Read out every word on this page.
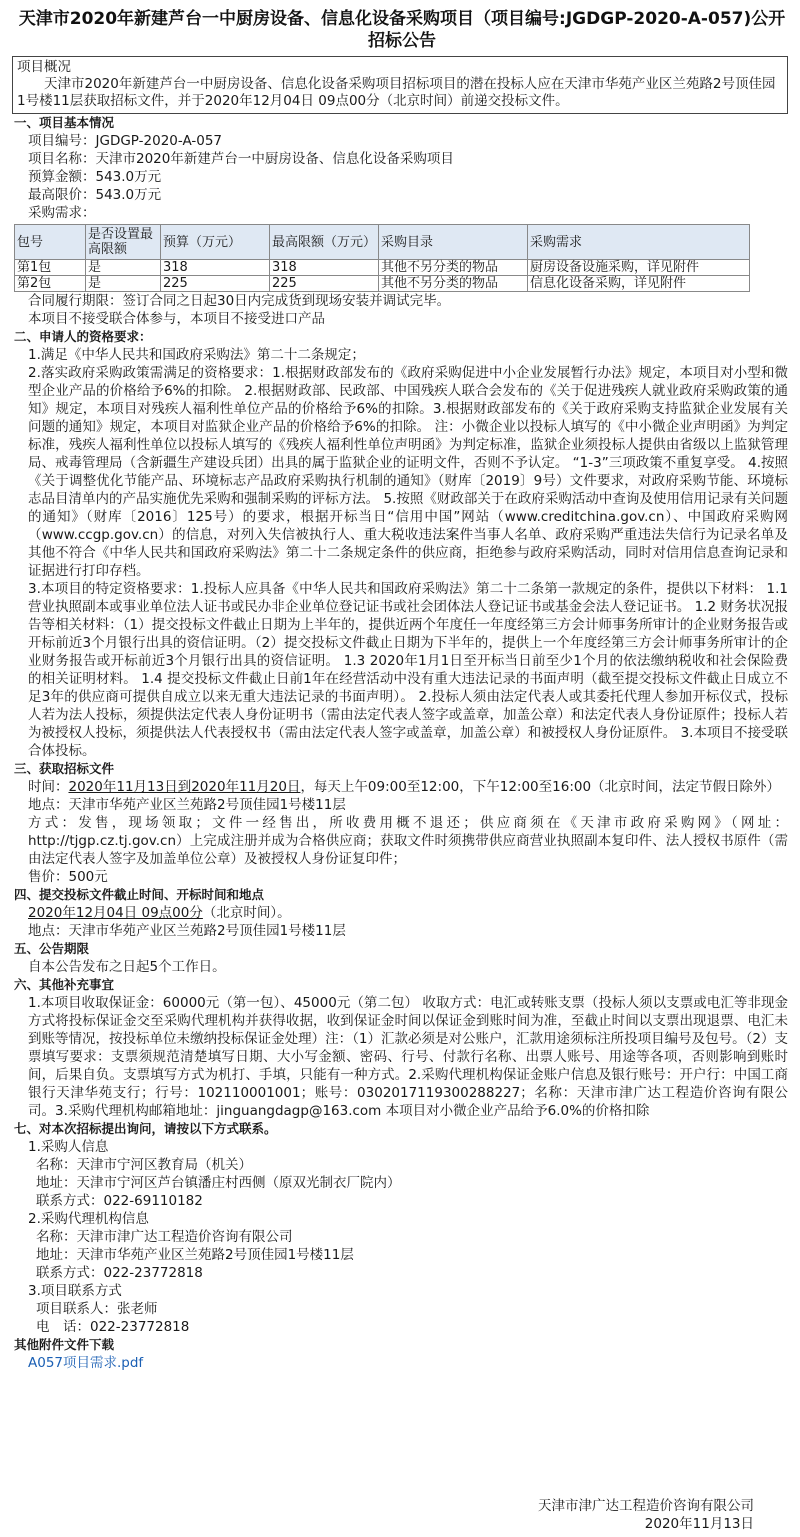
天津市2020年新建芦台一中厨房设备、信息化设备采购项目（项目编号:JGDGP-2020-A-057)公开招标公告
项目概况
天津市2020年新建芦台一中厨房设备、信息化设备采购项目招标项目的潜在投标人应在天津市华苑产业区兰苑路2号顶佳园1号楼11层获取招标文件，并于2020年12月04日 09点00分（北京时间）前递交投标文件。
一、项目基本情况
项目编号：JGDGP-2020-A-057
项目名称：天津市2020年新建芦台一中厨房设备、信息化设备采购项目
预算金额：543.0万元
最高限价：543.0万元
采购需求：
包号	是否设置最高限额	预算（万元）	最高限额（万元）	采购目录	采购需求
第1包	是	318	318	其他不另分类的物品	厨房设备设施采购，详见附件
第2包	是	225	225	其他不另分类的物品	信息化设备采购，详见附件
合同履行期限：签订合同之日起30日内完成货到现场安装并调试完毕。
本项目不接受联合体参与，本项目不接受进口产品
二、申请人的资格要求：
1.满足《中华人民共和国政府采购法》第二十二条规定；
2.落实政府采购政策需满足的资格要求：1.根据财政部发布的《政府采购促进中小企业发展暂行办法》规定，本项目对小型和微型企业产品的价格给予6%的扣除。 2.根据财政部、民政部、中国残疾人联合会发布的《关于促进残疾人就业政府采购政策的通知》规定，本项目对残疾人福利性单位产品的价格给予6%的扣除。3.根据财政部发布的《关于政府采购支持监狱企业发展有关问题的通知》规定，本项目对监狱企业产品的价格给予6%的扣除。 注：小微企业以投标人填写的《中小微企业声明函》为判定标准，残疾人福利性单位以投标人填写的《残疾人福利性单位声明函》为判定标准，监狱企业须投标人提供由省级以上监狱管理局、戒毒管理局（含新疆生产建设兵团）出具的属于监狱企业的证明文件，否则不予认定。 “1-3”三项政策不重复享受。 4.按照《关于调整优化节能产品、环境标志产品政府采购执行机制的通知》（财库〔2019〕9号）文件要求，对政府采购节能、环境标志品目清单内的产品实施优先采购和强制采购的评标方法。 5.按照《财政部关于在政府采购活动中查询及使用信用记录有关问题的通知》（财库〔2016〕125号）的要求，根据开标当日“信用中国”网站（www.creditchina.gov.cn）、中国政府采购网（www.ccgp.gov.cn）的信息，对列入失信被执行人、重大税收违法案件当事人名单、政府采购严重违法失信行为记录名单及其他不符合《中华人民共和国政府采购法》第二十二条规定条件的供应商，拒绝参与政府采购活动，同时对信用信息查询记录和证据进行打印存档。
3.本项目的特定资格要求：1.投标人应具备《中华人民共和国政府采购法》第二十二条第一款规定的条件，提供以下材料： 1.1 营业执照副本或事业单位法人证书或民办非企业单位登记证书或社会团体法人登记证书或基金会法人登记证书。 1.2 财务状况报告等相关材料：（1）提交投标文件截止日期为上半年的，提供近两个年度任一年度经第三方会计师事务所审计的企业财务报告或开标前近3个月银行出具的资信证明。（2）提交投标文件截止日期为下半年的，提供上一个年度经第三方会计师事务所审计的企业财务报告或开标前近3个月银行出具的资信证明。 1.3 2020年1月1日至开标当日前至少1个月的依法缴纳税收和社会保险费的相关证明材料。 1.4 提交投标文件截止日前1年在经营活动中没有重大违法记录的书面声明（截至提交投标文件截止日成立不足3年的供应商可提供自成立以来无重大违法记录的书面声明）。 2.投标人须由法定代表人或其委托代理人参加开标仪式，投标人若为法人投标，须提供法定代表人身份证明书（需由法定代表人签字或盖章，加盖公章）和法定代表人身份证原件；投标人若为被授权人投标，须提供法人代表授权书（需由法定代表人签字或盖章，加盖公章）和被授权人身份证原件。 3.本项目不接受联合体投标。
三、获取招标文件
时间：2020年11月13日到2020年11月20日，每天上午09:00至12:00，下午12:00至16:00（北京时间，法定节假日除外）
地点：天津市华苑产业区兰苑路2号顶佳园1号楼11层
方式：发售，现场领取；文件一经售出，所收费用概不退还；供应商须在《天津市政府采购网》（网址：http://tjgp.cz.tj.gov.cn）上完成注册并成为合格供应商；获取文件时须携带供应商营业执照副本复印件、法人授权书原件（需由法定代表人签字及加盖单位公章）及被授权人身份证复印件；
售价：500元
四、提交投标文件截止时间、开标时间和地点
2020年12月04日 09点00分（北京时间）。
地点：天津市华苑产业区兰苑路2号顶佳园1号楼11层
五、公告期限
自本公告发布之日起5个工作日。
六、其他补充事宜
1.本项目收取保证金：60000元（第一包）、45000元（第二包） 收取方式：电汇或转账支票（投标人须以支票或电汇等非现金方式将投标保证金交至采购代理机构并获得收据，收到保证金时间以保证金到账时间为准，至截止时间以支票出现退票、电汇未到账等情况，按投标单位未缴纳投标保证金处理）注：（1）汇款必须是对公账户，汇款用途须标注所投项目编号及包号。（2）支票填写要求：支票须规范清楚填写日期、大小写金额、密码、行号、付款行名称、出票人账号、用途等各项，否则影响到账时间，后果自负。支票填写方式为机打、手填，只能有一种方式。2.采购代理机构保证金账户信息及银行账号：开户行：中国工商银行天津华苑支行；行号：102110001001；账号：0302017119300288227；名称：天津市津广达工程造价咨询有限公司。3.采购代理机构邮箱地址：jinguangdagp@163.com 本项目对小微企业产品给予6.0%的价格扣除
七、对本次招标提出询问，请按以下方式联系。
1.采购人信息
名称：天津市宁河区教育局（机关）
地址：天津市宁河区芦台镇潘庄村西侧（原双光制衣厂院内）
联系方式：022-69110182
2.采购代理机构信息
名称：天津市津广达工程造价咨询有限公司
地址：天津市华苑产业区兰苑路2号顶佳园1号楼11层
联系方式：022-23772818
3.项目联系方式
项目联系人：张老师
电　话：022-23772818
其他附件文件下载
A057项目需求.pdf
天津市津广达工程造价咨询有限公司
2020年11月13日
